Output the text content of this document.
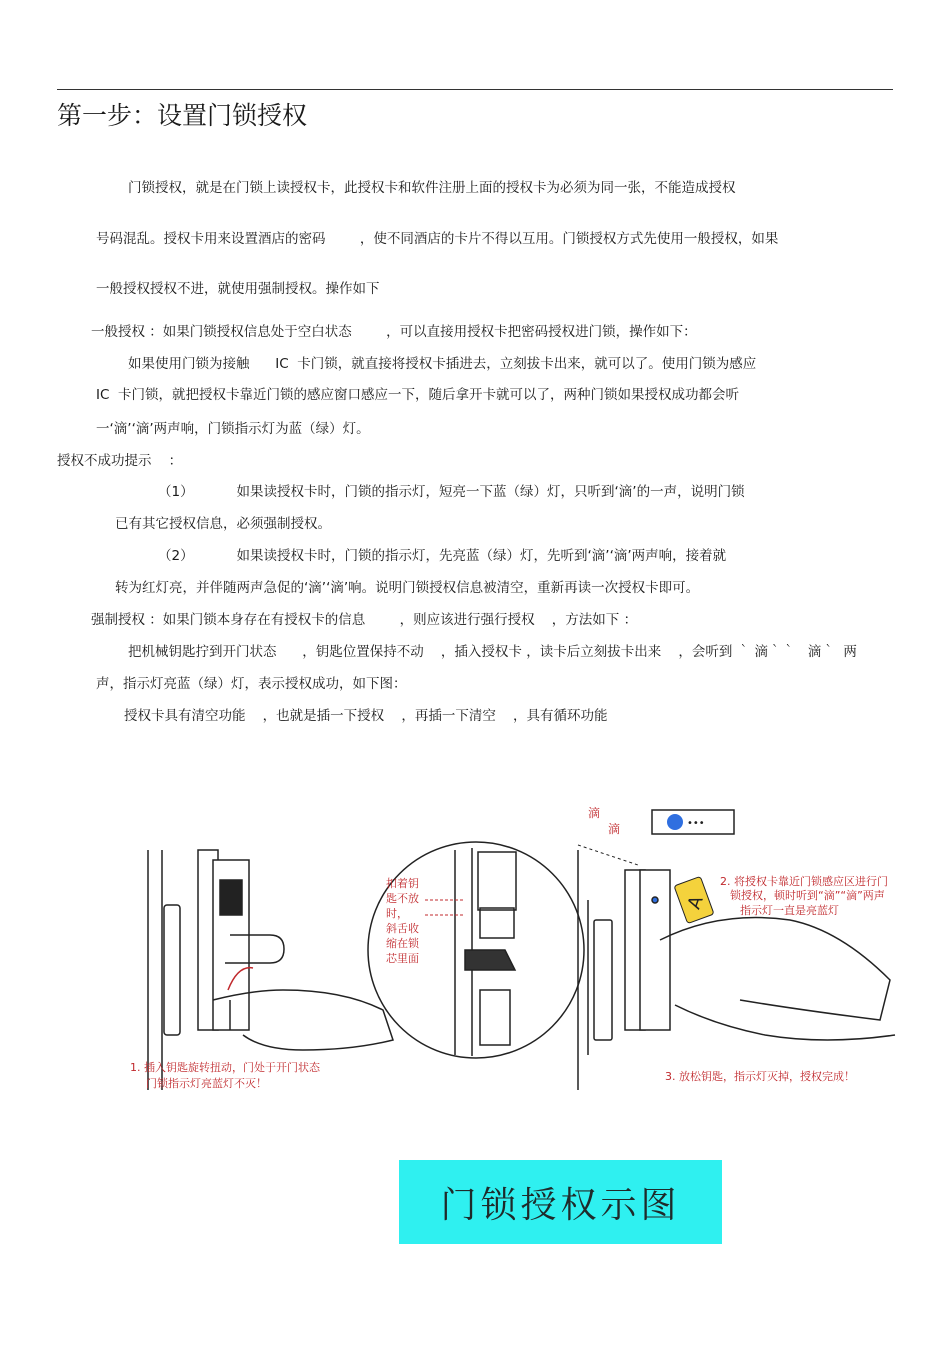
第一步：设置门锁授权
门锁授权，就是在门锁上读授权卡，此授权卡和软件注册上面的授权卡为必须为同一张，不能造成授权
号码混乱。授权卡用来设置酒店的密码        ，使不同酒店的卡片不得以互用。门锁授权方式先使用一般授权，如果
一般授权授权不进，就使用强制授权。操作如下
一般授权 ：如果门锁授权信息处于空白状态        ，可以直接用授权卡把密码授权进门锁，操作如下：
如果使用门锁为接触      IC  卡门锁，就直接将授权卡插进去，立刻拔卡出来，就可以了。使用门锁为感应
IC  卡门锁，就把授权卡靠近门锁的感应窗口感应一下，随后拿开卡就可以了，两种门锁如果授权成功都会听
一‘滴’‘滴’两声响，门锁指示灯为蓝（绿）灯。
授权不成功提示    ：
（1）          如果读授权卡时，门锁的指示灯，短亮一下蓝（绿）灯，只听到‘滴’的一声，说明门锁
已有其它授权信息，必须强制授权。
（2）          如果读授权卡时，门锁的指示灯，先亮蓝（绿）灯，先听到‘滴’‘滴’两声响，接着就
转为红灯亮，并伴随两声急促的‘滴’‘滴’响。说明门锁授权信息被清空，重新再读一次授权卡即可。
强制授权 ：如果门锁本身存在有授权卡的信息        ，则应该进行强行授权    ，方法如下 ：
把机械钥匙拧到开门状态      ，钥匙位置保持不动    ，插入授权卡 ，读卡后立刻拔卡出来    ，会听到 ｀ 滴｀｀   滴｀  两
声，指示灯亮蓝（绿）灯，表示授权成功，如下图：
授权卡具有清空功能    ，也就是插一下授权    ，再插一下清空    ，具有循环功能
扣着钥
匙不放
时，
斜舌收
缩在锁
芯里面
A
•••
滴
滴
2. 将授权卡靠近门锁感应区进行门
锁授权，顿时听到“滴”“滴”两声
指示灯一直是亮蓝灯
1. 插入钥匙旋转扭动，门处于开门状态
门锁指示灯亮蓝灯不灭！
3. 放松钥匙，指示灯灭掉，授权完成！
门锁授权示图
